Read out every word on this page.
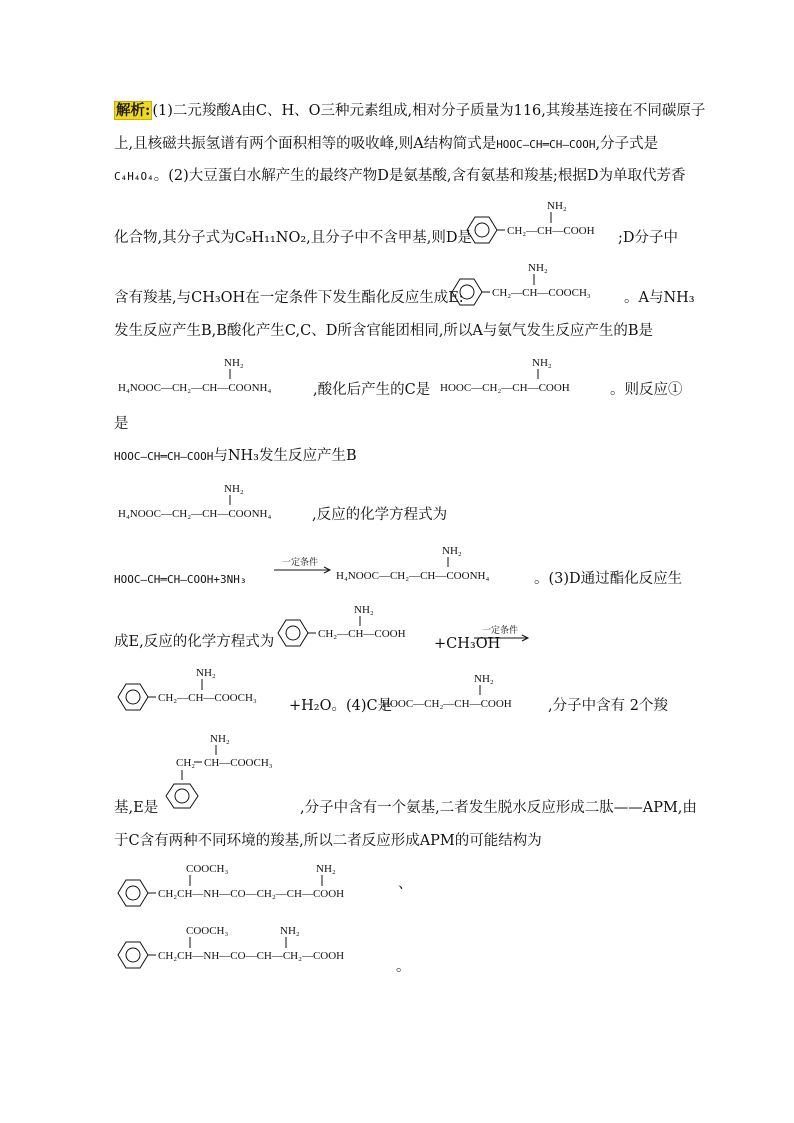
解析: (1)二元羧酸A由C、H、O三种元素组成,相对分子质量为116,其羧基连接在不同碳原子
上,且核磁共振氢谱有两个面积相等的吸收峰,则A结构简式是HOOC—CH═CH—COOH,分子式是
C₄H₄O₄。(2)大豆蛋白水解产生的最终产物D是氨基酸,含有氨基和羧基;根据D为单取代芳香
化合物,其分子式为C₉H₁₁NO₂,且分子中不含甲基,则D是
NH₂
CH₂—CH—COOH ;D分子中
含有羧基,与CH₃OH在一定条件下发生酯化反应生成E:
NH₂
CH₂—CH—COOCH₃ 。A与NH₃
发生反应产生B,B酸化产生C,C、D所含官能团相同,所以A与氨气发生反应产生的B是
NH₂
H₄NOOC—CH₂—CH—COONH₄	,酸化后产生的C是
NH₂
HOOC—CH₂—CH—COOH	。则反应①
是
HOOC—CH═CH—COOH与NH₃发生反应产生B
NH₂
H₄NOOC—CH₂—CH—COONH₄	,反应的化学方程式为
HOOC—CH═CH—COOH+3NH₃
一定条件
NH₂
H₄NOOC—CH₂—CH—COONH₄	。(3)D通过酯化反应生
成E,反应的化学方程式为
NH₂
CH₂—CH—COOH
+CH₃OH
一定条件
NH₂
CH₂—CH—COOCH₃ +H₂O。(4)C是
NH₂
HOOC—CH₂—CH—COOH	,分子中含有 2个羧
NH₂
CH₂ CH—COOCH₃
基,E是	,分子中含有一个氨基,二者发生脱水反应形成二肽——APM,由
于C含有两种不同环境的羧基,所以二者反应形成APM的可能结构为
COOCH₃	NH₂
CH₂CH—NH—CO—CH₂—CH—COOH
、
COOCH₃	NH₂
CH₂CH—NH—CO—CH—CH₂—COOH
。
